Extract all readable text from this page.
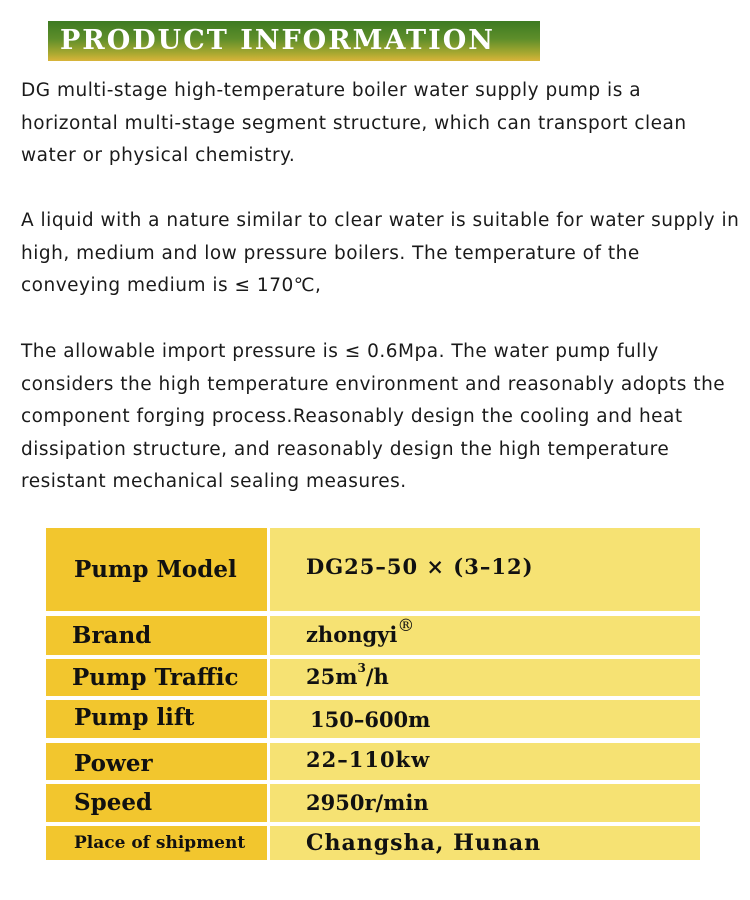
PRODUCT INFORMATION

DG multi-stage high-temperature boiler water supply pump is a horizontal multi-stage segment structure, which can transport clean water or physical chemistry.

A liquid with a nature similar to clear water is suitable for water supply in high, medium and low pressure boilers. The temperature of the conveying medium is ≤ 170℃,

The allowable import pressure is ≤ 0.6Mpa. The water pump fully considers the high temperature environment and reasonably adopts the component forging process.Reasonably design the cooling and heat dissipation structure, and reasonably design the high temperature resistant mechanical sealing measures.

Pump Model	DG25–50 × (3–12)
Brand	zhongyi®
Pump Traffic	$25m^3/h$
Pump lift	150–600m
Power	22–110kw
Speed	2950r/min
Place of shipment	Changsha, Hunan
